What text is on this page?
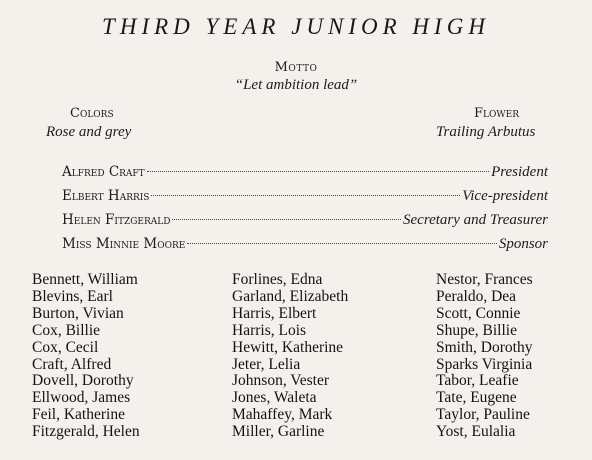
THIRD YEAR JUNIOR HIGH
Motto
“Let ambition lead”
Colors
Rose and grey
Flower
Trailing Arbutus
Alfred Craft	President
Elbert Harris	Vice-president
Helen Fitzgerald	Secretary and Treasurer
Miss Minnie Moore	Sponsor
Bennett, William
Blevins, Earl
Burton, Vivian
Cox, Billie
Cox, Cecil
Craft, Alfred
Dovell, Dorothy
Ellwood, James
Feil, Katherine
Fitzgerald, Helen
Forlines, Edna
Garland, Elizabeth
Harris, Elbert
Harris, Lois
Hewitt, Katherine
Jeter, Lelia
Johnson, Vester
Jones, Waleta
Mahaffey, Mark
Miller, Garline
Nestor, Frances
Peraldo, Dea
Scott, Connie
Shupe, Billie
Smith, Dorothy
Sparks Virginia
Tabor, Leafie
Tate, Eugene
Taylor, Pauline
Yost, Eulalia
